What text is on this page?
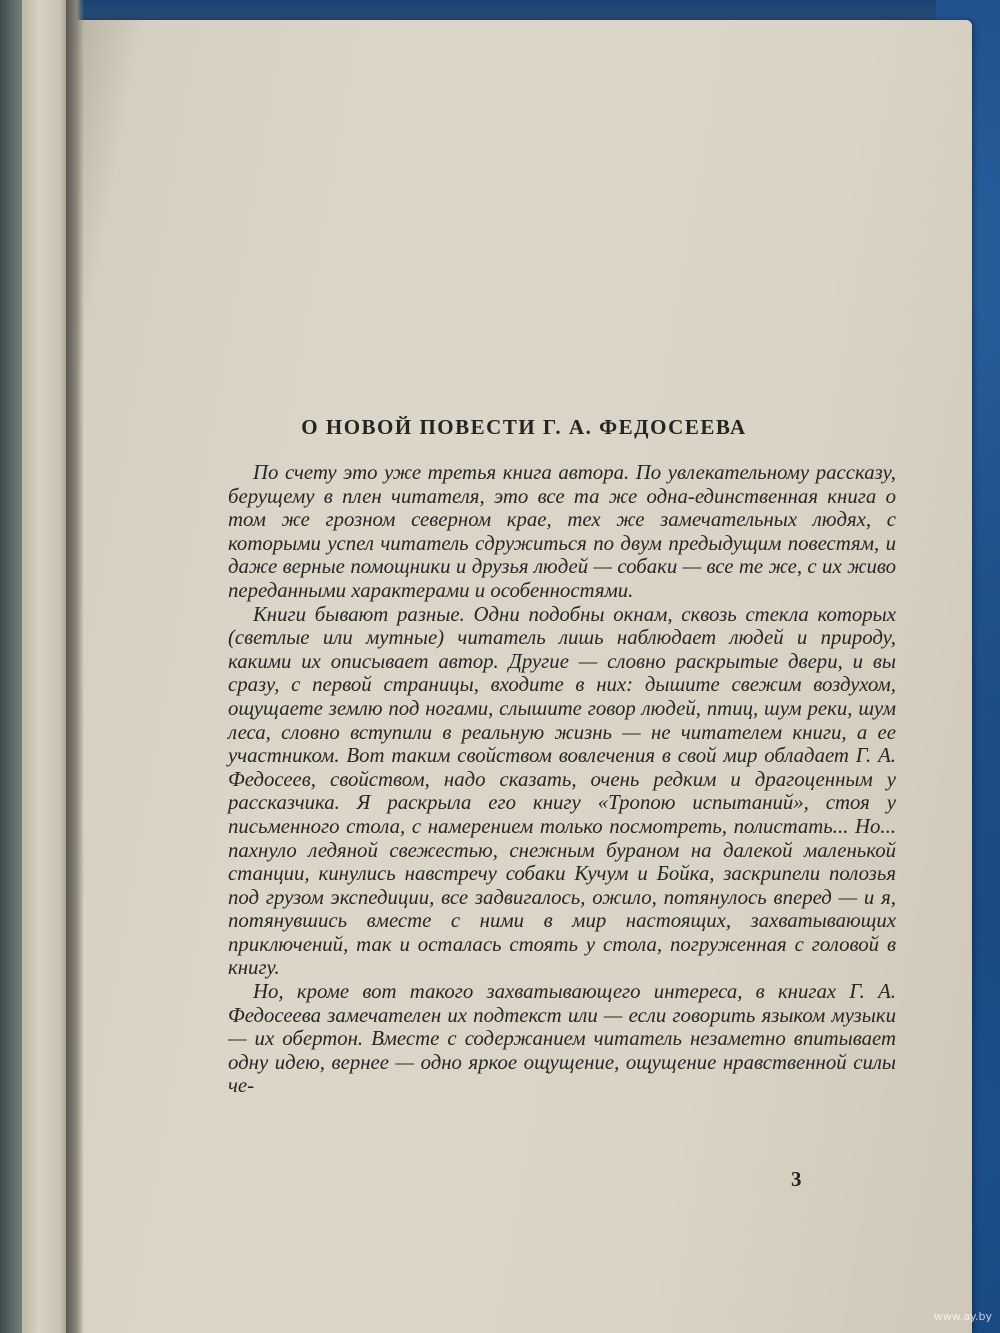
О НОВОЙ ПОВЕСТИ Г. А. ФЕДОСЕЕВА

По счету это уже третья книга автора. По увлекательному рассказу, берущему в плен читателя, это все та же одна-единственная книга о том же грозном северном крае, тех же замечательных людях, с которыми успел читатель сдружиться по двум предыдущим повестям, и даже верные помощники и друзья людей — собаки — все те же, с их живо переданными характерами и особенностями.

Книги бывают разные. Одни подобны окнам, сквозь стекла которых (светлые или мутные) читатель лишь наблюдает людей и природу, какими их описывает автор. Другие — словно раскрытые двери, и вы сразу, с первой страницы, входите в них: дышите свежим воздухом, ощущаете землю под ногами, слышите говор людей, птиц, шум реки, шум леса, словно вступили в реальную жизнь — не читателем книги, а ее участником. Вот таким свойством вовлечения в свой мир обладает Г. А. Федосеев, свойством, надо сказать, очень редким и драгоценным у рассказчика. Я раскрыла его книгу «Тропою испытаний», стоя у письменного стола, с намерением только посмотреть, полистать... Но... пахнуло ледяной свежестью, снежным бураном на далекой маленькой станции, кинулись навстречу собаки Кучум и Бойка, заскрипели полозья под грузом экспедиции, все задвигалось, ожило, потянулось вперед — и я, потянувшись вместе с ними в мир настоящих, захватывающих приключений, так и осталась стоять у стола, погруженная с головой в книгу.

Но, кроме вот такого захватывающего интереса, в книгах Г. А. Федосеева замечателен их подтекст или — если говорить языком музыки — их обертон. Вместе с содержанием читатель незаметно впитывает одну идею, вернее — одно яркое ощущение, ощущение нравственной силы че-

3
www.ay.by
